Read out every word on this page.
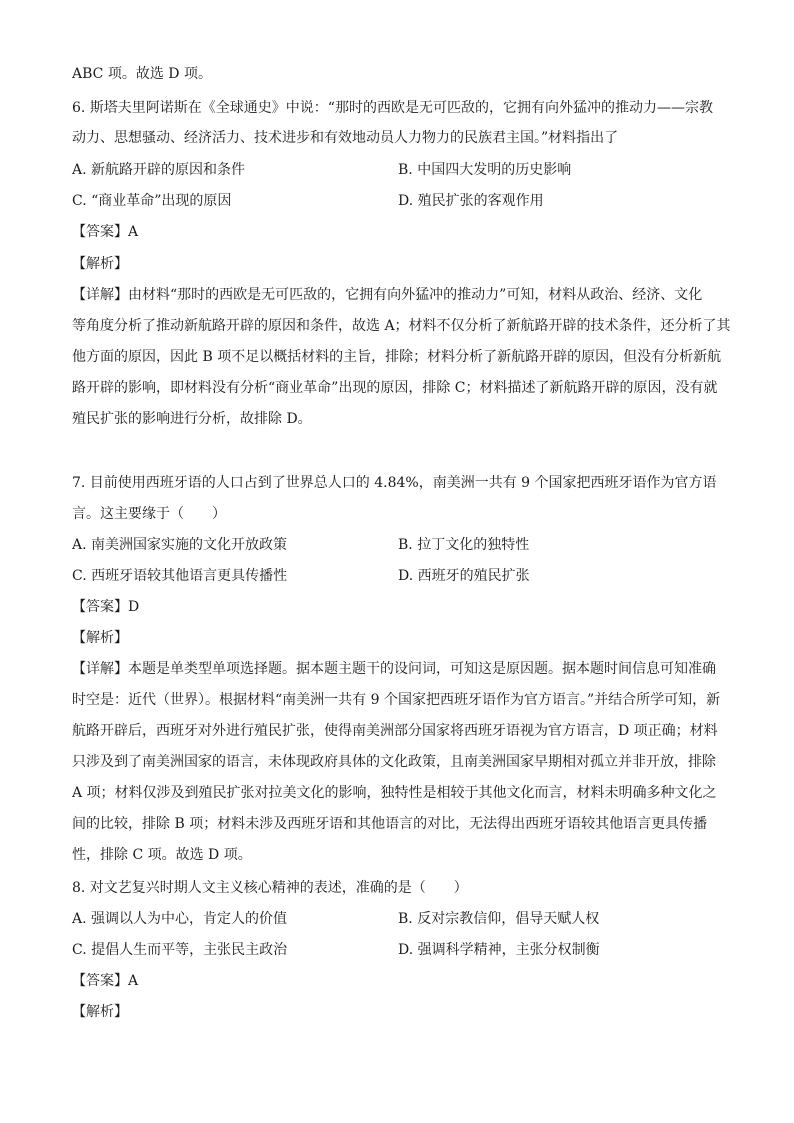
ABC 项。故选 D 项。
6. 斯塔夫里阿诺斯在《全球通史》中说：“那时的西欧是无可匹敌的，它拥有向外猛冲的推动力——宗教
动力、思想骚动、经济活力、技术进步和有效地动员人力物力的民族君主国。”材料指出了
A. 新航路开辟的原因和条件	B. 中国四大发明的历史影响
C. “商业革命”出现的原因	D. 殖民扩张的客观作用
【答案】A
【解析】
【详解】由材料“那时的西欧是无可匹敌的，它拥有向外猛冲的推动力”可知，材料从政治、经济、文化
等角度分析了推动新航路开辟的原因和条件，故选 A；材料不仅分析了新航路开辟的技术条件，还分析了其
他方面的原因，因此 B 项不足以概括材料的主旨，排除；材料分析了新航路开辟的原因，但没有分析新航
路开辟的影响，即材料没有分析“商业革命”出现的原因，排除 C；材料描述了新航路开辟的原因，没有就
殖民扩张的影响进行分析，故排除 D。
7. 目前使用西班牙语的人口占到了世界总人口的 4.84%，南美洲一共有 9 个国家把西班牙语作为官方语
言。这主要缘于（　　）
A. 南美洲国家实施的文化开放政策	B. 拉丁文化的独特性
C. 西班牙语较其他语言更具传播性	D. 西班牙的殖民扩张
【答案】D
【解析】
【详解】本题是单类型单项选择题。据本题主题干的设问词，可知这是原因题。据本题时间信息可知准确
时空是：近代（世界）。根据材料“南美洲一共有 9 个国家把西班牙语作为官方语言。”并结合所学可知，新
航路开辟后，西班牙对外进行殖民扩张，使得南美洲部分国家将西班牙语视为官方语言，D 项正确；材料
只涉及到了南美洲国家的语言，未体现政府具体的文化政策，且南美洲国家早期相对孤立并非开放，排除
A 项；材料仅涉及到殖民扩张对拉美文化的影响，独特性是相较于其他文化而言，材料未明确多种文化之
间的比较，排除 B 项；材料未涉及西班牙语和其他语言的对比，无法得出西班牙语较其他语言更具传播
性，排除 C 项。故选 D 项。
8. 对文艺复兴时期人文主义核心精神的表述，准确的是（　　）
A. 强调以人为中心，肯定人的价值	B. 反对宗教信仰，倡导天赋人权
C. 提倡人生而平等，主张民主政治	D. 强调科学精神，主张分权制衡
【答案】A
【解析】
